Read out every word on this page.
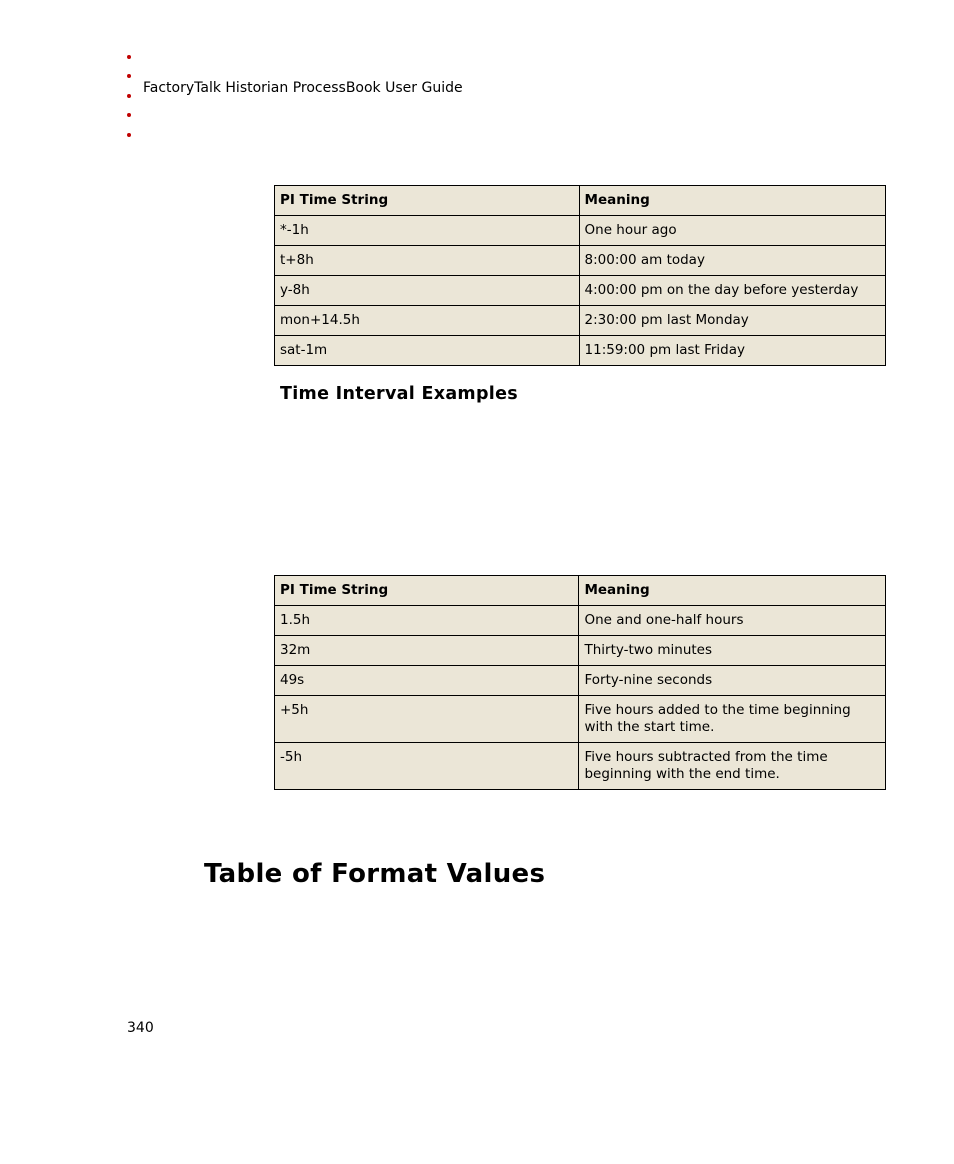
FactoryTalk Historian ProcessBook User Guide
PI Time String	Meaning
*-1h	One hour ago
t+8h	8:00:00 am today
y-8h	4:00:00 pm on the day before yesterday
mon+14.5h	2:30:00 pm last Monday
sat-1m	11:59:00 pm last Friday
Time Interval Examples
PI Time String	Meaning
1.5h	One and one-half hours
32m	Thirty-two minutes
49s	Forty-nine seconds
+5h	Five hours added to the time beginning with the start time.
-5h	Five hours subtracted from the time beginning with the end time.
Table of Format Values
340
